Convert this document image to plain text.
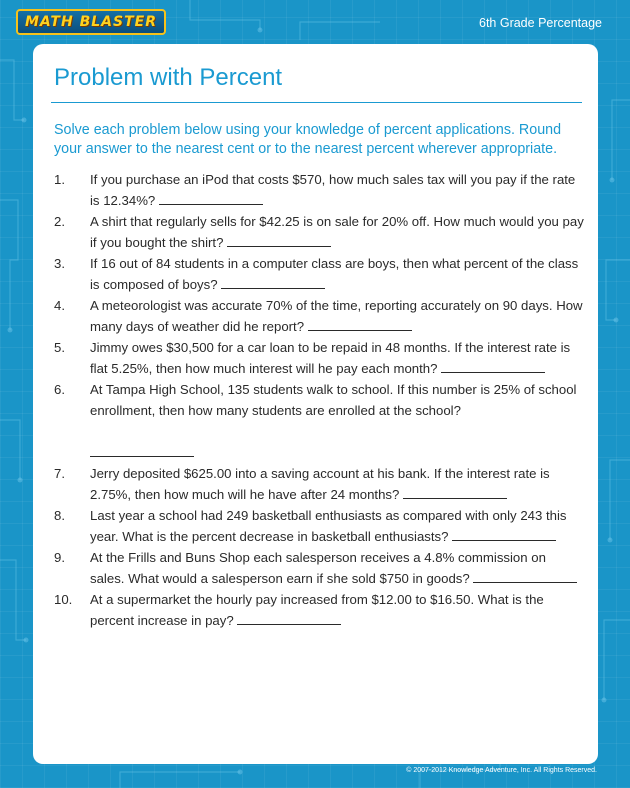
MATH BLASTER	6th Grade Percentage
Problem with Percent
Solve each problem below using your knowledge of percent applications. Round your answer to the nearest cent or to the nearest percent wherever appropriate.
1.	If you purchase an iPod that costs $570, how much sales tax will you pay if the rate is 12.34%?
2.	A shirt that regularly sells for $42.25 is on sale for 20% off. How much would you pay if you bought the shirt?
3.	If 16 out of 84 students in a computer class are boys, then what percent of the class is composed of boys?
4.	A meteorologist was accurate 70% of the time, reporting accurately on 90 days. How many days of weather did he report?
5.	Jimmy owes $30,500 for a car loan to be repaid in 48 months. If the interest rate is flat 5.25%, then how much interest will he pay each month?
6.	At Tampa High School, 135 students walk to school. If this number is 25% of school enrollment, then how many students are enrolled at the school?

7.	Jerry deposited $625.00 into a saving account at his bank. If the interest rate is 2.75%, then how much will he have after 24 months?
8.	Last year a school had 249 basketball enthusiasts as compared with only 243 this year. What is the percent decrease in basketball enthusiasts?
9.	At the Frills and Buns Shop each salesperson receives a 4.8% commission on sales. What would a salesperson earn if she sold $750 in goods?
10.	At a supermarket the hourly pay increased from $12.00 to $16.50. What is the percent increase in pay?
© 2007-2012 Knowledge Adventure, Inc. All Rights Reserved.
